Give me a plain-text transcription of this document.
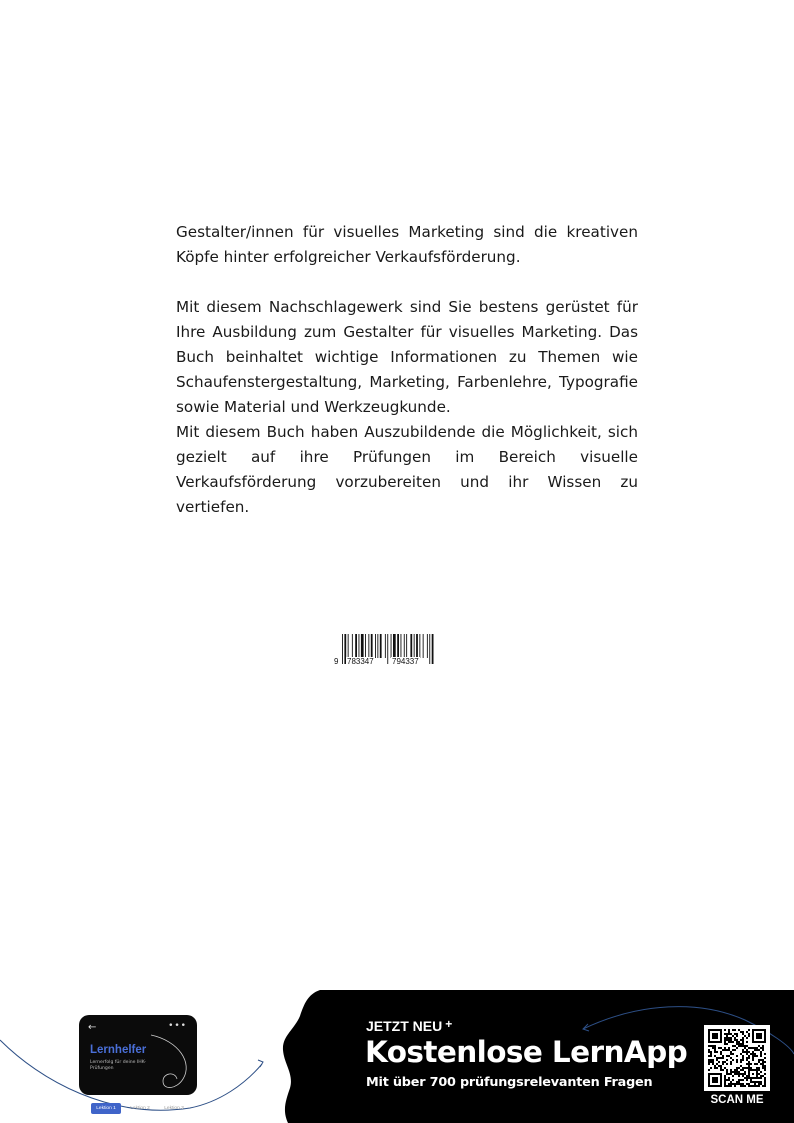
Gestalter/innen für visuelles Marketing sind die kreativen Köpfe hinter erfolgreicher Verkaufsförderung.

Mit diesem Nachschlagewerk sind Sie bestens gerüstet für Ihre Ausbildung zum Gestalter für visuelles Marketing. Das Buch beinhaltet wichtige Informationen zu Themen wie Schaufenstergestaltung, Marketing, Farbenlehre, Typografie sowie Material und Werkzeugkunde.

Mit diesem Buch haben Auszubildende die Möglichkeit, sich gezielt auf ihre Prüfungen im Bereich visuelle Verkaufsförderung vorzubereiten und ihr Wissen zu vertiefen.

9 783347 794337
←	•••
Lernhelfer
Lernerfolg für deine IHK-Prüfungen
Lektion 1	Lektion 2	Lektion 3
JETZT NEU +
Kostenlose LernApp
Mit über 700 prüfungsrelevanten Fragen
SCAN ME
